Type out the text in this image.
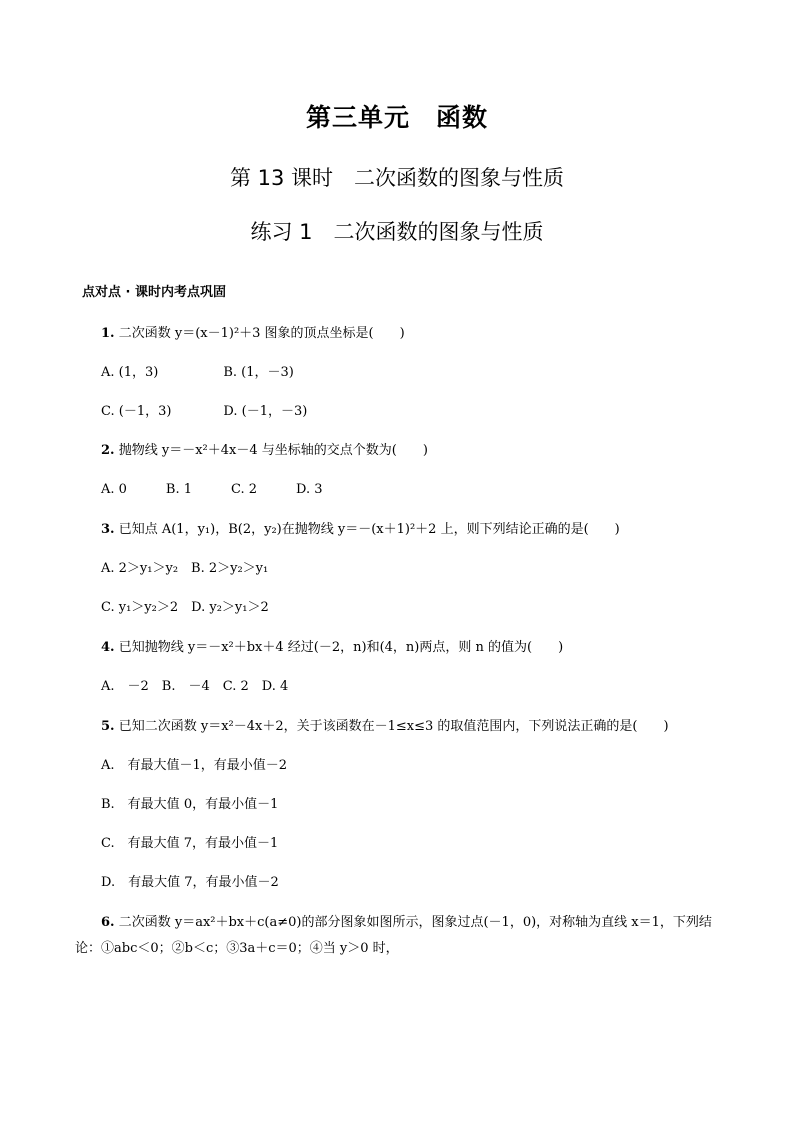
第三单元　函数
第 13 课时　二次函数的图象与性质
练习 1　二次函数的图象与性质
点对点 · 课时内考点巩固
1. 二次函数 y＝(x－1)²＋3 图象的顶点坐标是(　　)
A. (1，3)　　　　　B. (1，－3)
C. (－1，3)　　　　D. (－1，－3)
2. 抛物线 y＝－x²＋4x－4 与坐标轴的交点个数为(　　)
A. 0　　　B. 1　　　C. 2　　　D. 3
3. 已知点 A(1，y₁)，B(2，y₂)在抛物线 y＝－(x＋1)²＋2 上，则下列结论正确的是(　　)
A. 2＞y₁＞y₂　B. 2＞y₂＞y₁
C. y₁＞y₂＞2　D. y₂＞y₁＞2
4. 已知抛物线 y＝－x²＋bx＋4 经过(－2，n)和(4，n)两点，则 n 的值为(　　)
A.　－2　B.　－4　C. 2　D. 4
5. 已知二次函数 y＝x²－4x＋2，关于该函数在－1≤x≤3 的取值范围内，下列说法正确的是(　　)
A.　有最大值－1，有最小值－2
B.　有最大值 0，有最小值－1
C.　有最大值 7，有最小值－1
D.　有最大值 7，有最小值－2
6. 二次函数 y＝ax²＋bx＋c(a≠0)的部分图象如图所示，图象过点(－1，0)，对称轴为直线 x＝1，下列结论：①abc＜0；②b＜c；③3a＋c＝0；④当 y＞0 时，
